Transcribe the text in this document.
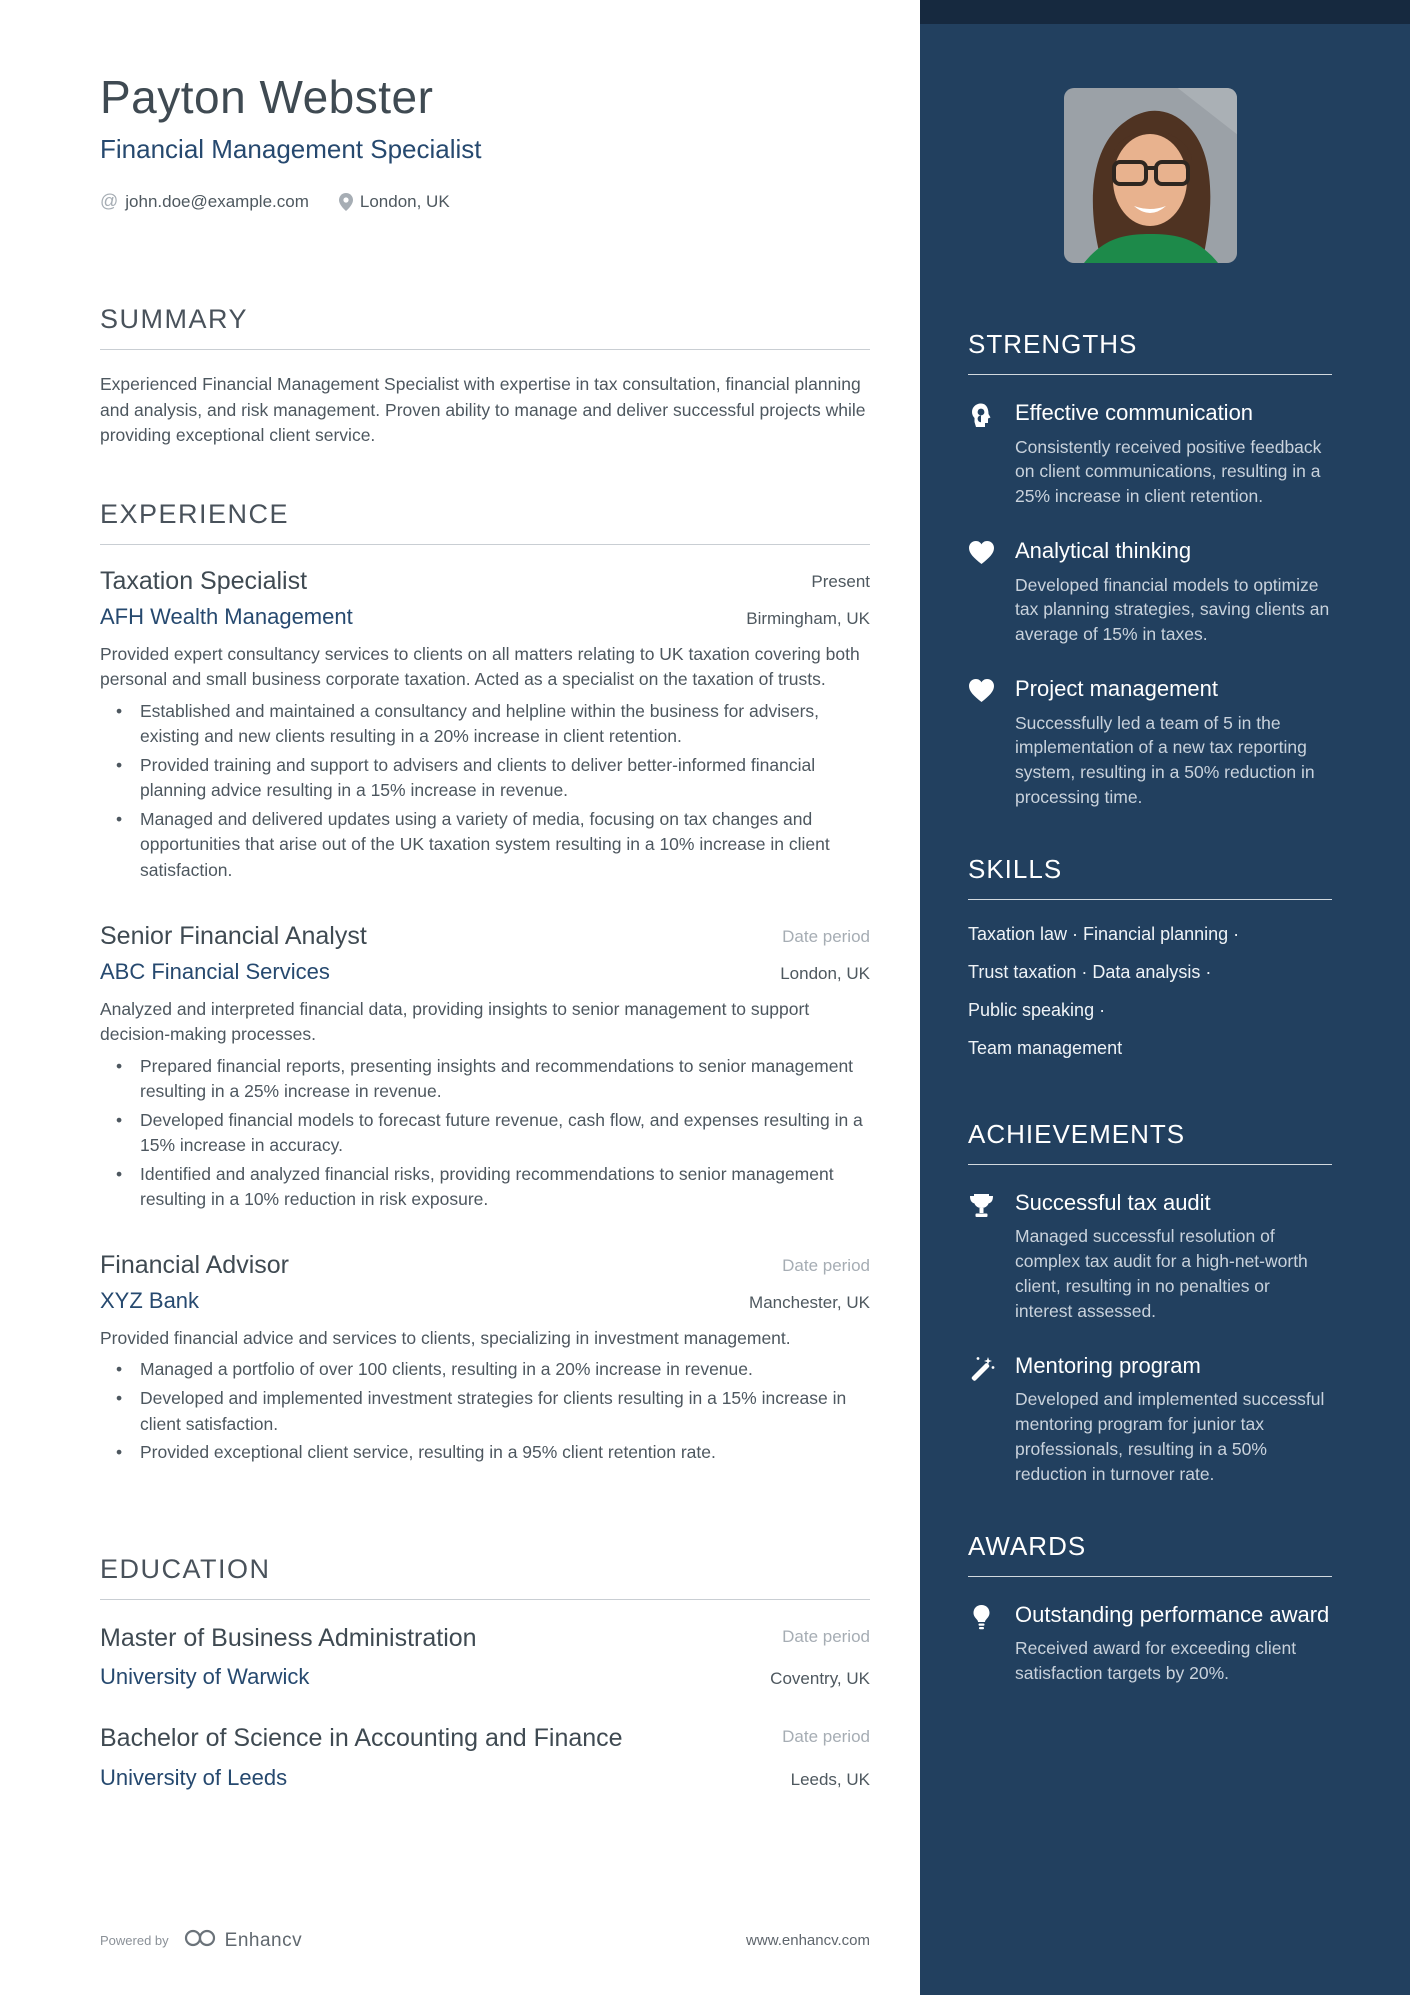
Payton Webster
Financial Management Specialist
@ john.doe@example.com	London, UK
SUMMARY

Experienced Financial Management Specialist with expertise in tax consultation, financial planning and analysis, and risk management. Proven ability to manage and deliver successful projects while providing exceptional client service.

EXPERIENCE
Taxation Specialist	Present
AFH Wealth Management	Birmingham, UK

Provided expert consultancy services to clients on all matters relating to UK taxation covering both personal and small business corporate taxation. Acted as a specialist on the taxation of trusts.

• Established and maintained a consultancy and helpline within the business for advisers, existing and new clients resulting in a 20% increase in client retention.
• Provided training and support to advisers and clients to deliver better-informed financial planning advice resulting in a 15% increase in revenue.
• Managed and delivered updates using a variety of media, focusing on tax changes and opportunities that arise out of the UK taxation system resulting in a 10% increase in client satisfaction.
Senior Financial Analyst	Date period
ABC Financial Services	London, UK

Analyzed and interpreted financial data, providing insights to senior management to support decision-making processes.

• Prepared financial reports, presenting insights and recommendations to senior management resulting in a 25% increase in revenue.
• Developed financial models to forecast future revenue, cash flow, and expenses resulting in a 15% increase in accuracy.
• Identified and analyzed financial risks, providing recommendations to senior management resulting in a 10% reduction in risk exposure.
Financial Advisor	Date period
XYZ Bank	Manchester, UK

Provided financial advice and services to clients, specializing in investment management.

• Managed a portfolio of over 100 clients, resulting in a 20% increase in revenue.
• Developed and implemented investment strategies for clients resulting in a 15% increase in client satisfaction.
• Provided exceptional client service, resulting in a 95% client retention rate.
EDUCATION
Master of Business Administration	Date period
University of Warwick	Coventry, UK
Bachelor of Science in Accounting and Finance	Date period
University of Leeds	Leeds, UK
Powered by	Enhancv	www.enhancv.com
STRENGTHS
Effective communication

Consistently received positive feedback on client communications, resulting in a 25% increase in client retention.

Analytical thinking

Developed financial models to optimize tax planning strategies, saving clients an average of 15% in taxes.

Project management

Successfully led a team of 5 in the implementation of a new tax reporting system, resulting in a 50% reduction in processing time.

SKILLS

Taxation law · Financial planning ·

Trust taxation · Data analysis ·

Public speaking ·

Team management

ACHIEVEMENTS
Successful tax audit

Managed successful resolution of complex tax audit for a high-net-worth client, resulting in no penalties or interest assessed.

Mentoring program

Developed and implemented successful mentoring program for junior tax professionals, resulting in a 50% reduction in turnover rate.

AWARDS
Outstanding performance award

Received award for exceeding client satisfaction targets by 20%.
